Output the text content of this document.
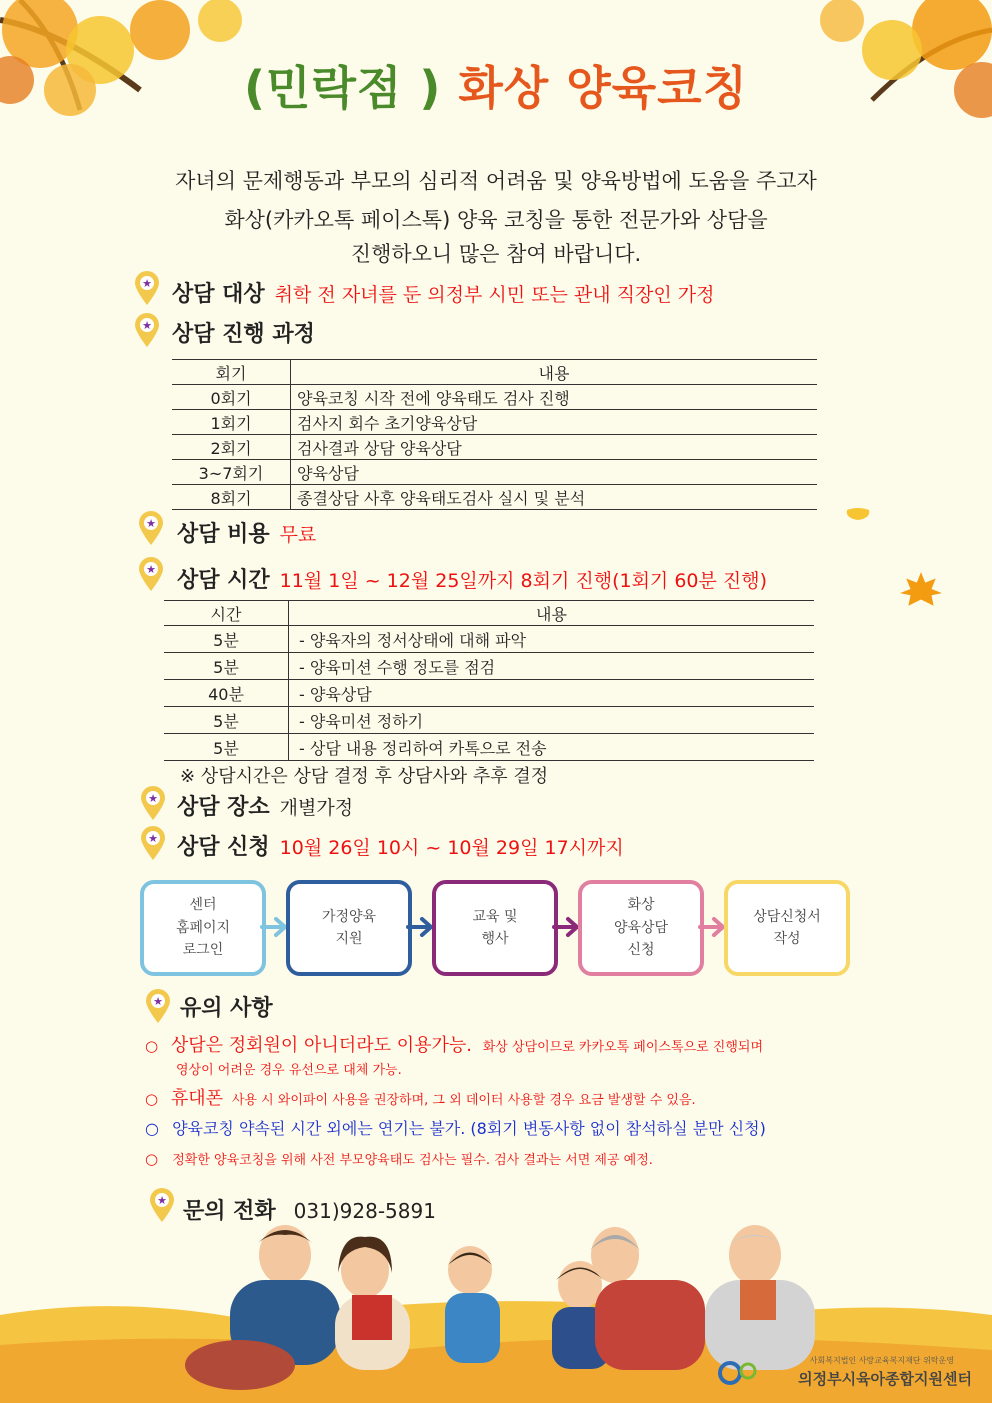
(민락점 ) 화상 양육코칭
자녀의 문제행동과 부모의 심리적 어려움 및 양육방법에 도움을 주고자
화상(카카오톡 페이스톡) 양육 코칭을 통한 전문가와 상담을
진행하오니 많은 참여 바랍니다.
★ 상담 대상 취학 전 자녀를 둔 의정부 시민 또는 관내 직장인 가정
★ 상담 진행 과정
회기	내용
0회기	양육코칭 시작 전에 양육태도 검사 진행
1회기	검사지 회수 초기양육상담
2회기	검사결과 상담 양육상담
3~7회기	양육상담
8회기	종결상담 사후 양육태도검사 실시 및 분석
★ 상담 비용 무료
★ 상담 시간 11월 1일 ~ 12월 25일까지 8회기 진행(1회기 60분 진행)
시간	내용
5분	- 양육자의 정서상태에 대해 파악
5분	- 양육미션 수행 정도를 점검
40분	- 양육상담
5분	- 양육미션 정하기
5분	- 상담 내용 정리하여 카톡으로 전송
※ 상담시간은 상담 결정 후 상담사와 추후 결정
★ 상담 장소 개별가정
★ 상담 신청 10월 26일 10시 ~ 10월 29일 17시까지
센터
홈페이지
로그인
가정양육
지원
교육 및
행사
화상
양육상담
신청
상담신청서
작성
★ 유의 사항
○ 상담은 정회원이 아니더라도 이용가능. 화상 상담이므로 카카오톡 페이스톡으로 진행되며
영상이 어려운 경우 유선으로 대체 가능.
○ 휴대폰 사용 시 와이파이 사용을 권장하며, 그 외 데이터 사용할 경우 요금 발생할 수 있음.
○ 양육코칭 약속된 시간 외에는 연기는 불가. (8회기 변동사항 없이 참석하실 분만 신청)
○ 정확한 양육코칭을 위해 사전 부모양육태도 검사는 필수. 검사 결과는 서면 제공 예정.
★ 문의 전화 031)928-5891
사회복지법인 사랑교육복지재단 위탁운영
의정부시육아종합지원센터
